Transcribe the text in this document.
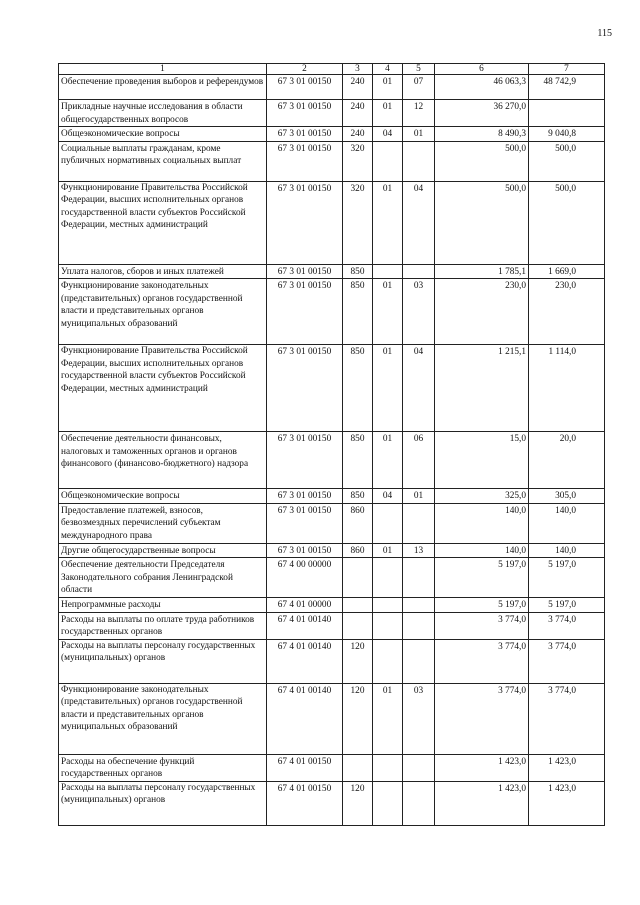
115
1	2	3	4	5	6	7
Обеспечение проведения выборов и референдумов	67 3 01 00150	240	01	07	46 063,3	48 742,9
Прикладные научные исследования в области общегосударственных вопросов	67 3 01 00150	240	01	12	36 270,0	
Общеэкономические вопросы	67 3 01 00150	240	04	01	8 490,3	9 040,8
Социальные выплаты гражданам, кроме публичных нормативных социальных выплат	67 3 01 00150	320			500,0	500,0
Функционирование Правительства Российской Федерации, высших исполнительных органов государственной власти субъектов Российской Федерации, местных администраций	67 3 01 00150	320	01	04	500,0	500,0
Уплата налогов, сборов и иных платежей	67 3 01 00150	850			1 785,1	1 669,0
Функционирование законодательных (представительных) органов государственной власти и представительных органов муниципальных образований	67 3 01 00150	850	01	03	230,0	230,0
Функционирование Правительства Российской Федерации, высших исполнительных органов государственной власти субъектов Российской Федерации, местных администраций	67 3 01 00150	850	01	04	1 215,1	1 114,0
Обеспечение деятельности финансовых, налоговых и таможенных органов и органов финансового (финансово-бюджетного) надзора	67 3 01 00150	850	01	06	15,0	20,0
Общеэкономические вопросы	67 3 01 00150	850	04	01	325,0	305,0
Предоставление платежей, взносов, безвозмездных перечислений субъектам международного права	67 3 01 00150	860			140,0	140,0
Другие общегосударственные вопросы	67 3 01 00150	860	01	13	140,0	140,0
Обеспечение деятельности Председателя Законодательного собрания Ленинградской области	67 4 00 00000				5 197,0	5 197,0
Непрограммные расходы	67 4 01 00000				5 197,0	5 197,0
Расходы на выплаты по оплате труда работников государственных органов	67 4 01 00140				3 774,0	3 774,0
Расходы на выплаты персоналу государственных (муниципальных) органов	67 4 01 00140	120			3 774,0	3 774,0
Функционирование законодательных (представительных) органов государственной власти и представительных органов муниципальных образований	67 4 01 00140	120	01	03	3 774,0	3 774,0
Расходы на обеспечение функций государственных органов	67 4 01 00150				1 423,0	1 423,0
Расходы на выплаты персоналу государственных (муниципальных) органов	67 4 01 00150	120			1 423,0	1 423,0
